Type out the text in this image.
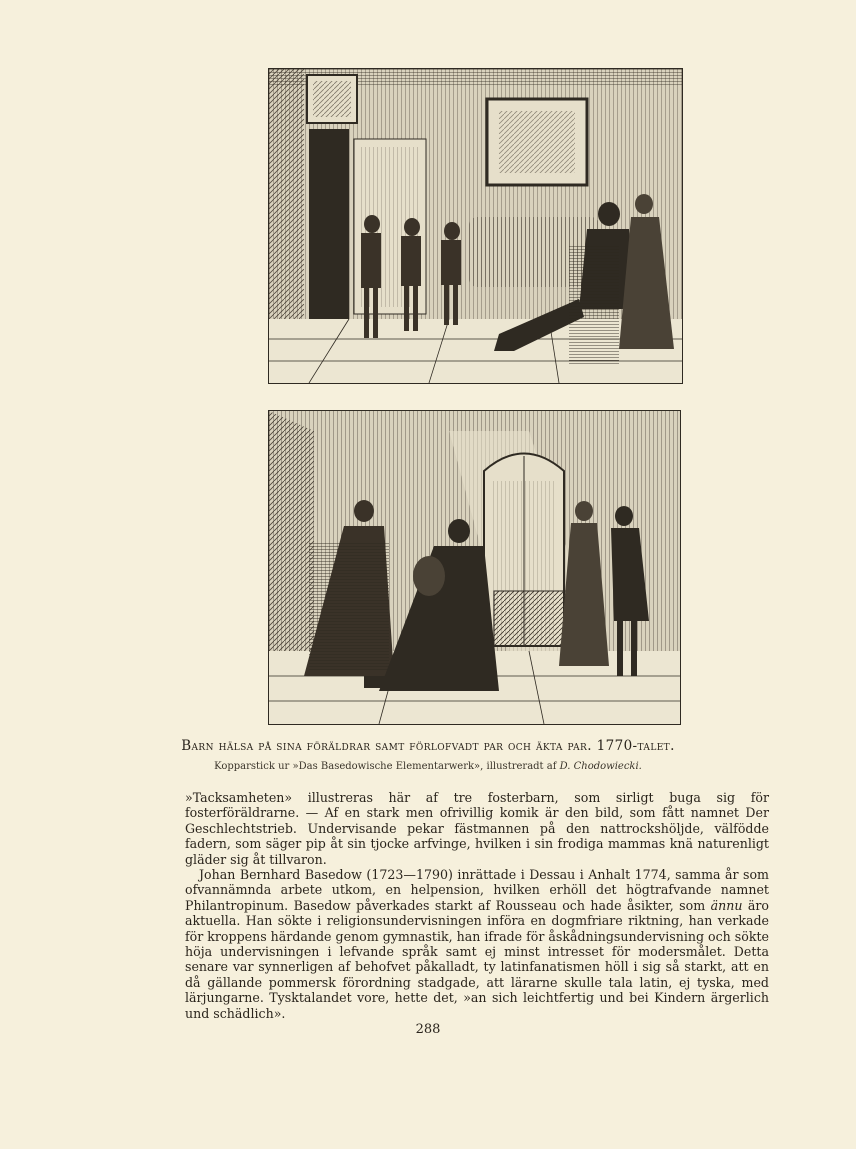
Barn hälsa på sina föräldrar samt förlofvadt par och äkta par. 1770-talet.
Kopparstick ur »Das Basedowische Elementarwerk», illustreradt af D. Chodowiecki.

»Tacksamheten» illustreras här af tre fosterbarn, som sirligt buga sig för fosterföräldrarne. — Af en stark men ofrivillig komik är den bild, som fått namnet Der Geschlechtstrieb. Undervisande pekar fästmannen på den nattrockshöljde, välfödde fadern, som säger pip åt sin tjocke arfvinge, hvilken i sin frodiga mammas knä naturenligt gläder sig åt tillvaron.

Johan Bernhard Basedow (1723—1790) inrättade i Dessau i Anhalt 1774, samma år som ofvannämnda arbete utkom, en helpension, hvilken erhöll det högtrafvande namnet Philantropinum. Basedow påverkades starkt af Rousseau och hade åsikter, som ännu äro aktuella. Han sökte i religionsundervisningen införa en dogmfriare riktning, han verkade för kroppens härdande genom gymnastik, han ifrade för åskådningsundervisning och sökte höja undervisningen i lefvande språk samt ej minst intresset för modersmålet. Detta senare var synnerligen af behofvet påkalladt, ty latinfanatismen höll i sig så starkt, att en då gällande pommersk förordning stadgade, att lärarne skulle tala latin, ej tyska, med lärjungarne. Tysktalandet vore, hette det, »an sich leichtfertig und bei Kindern ärgerlich und schädlich».

288
